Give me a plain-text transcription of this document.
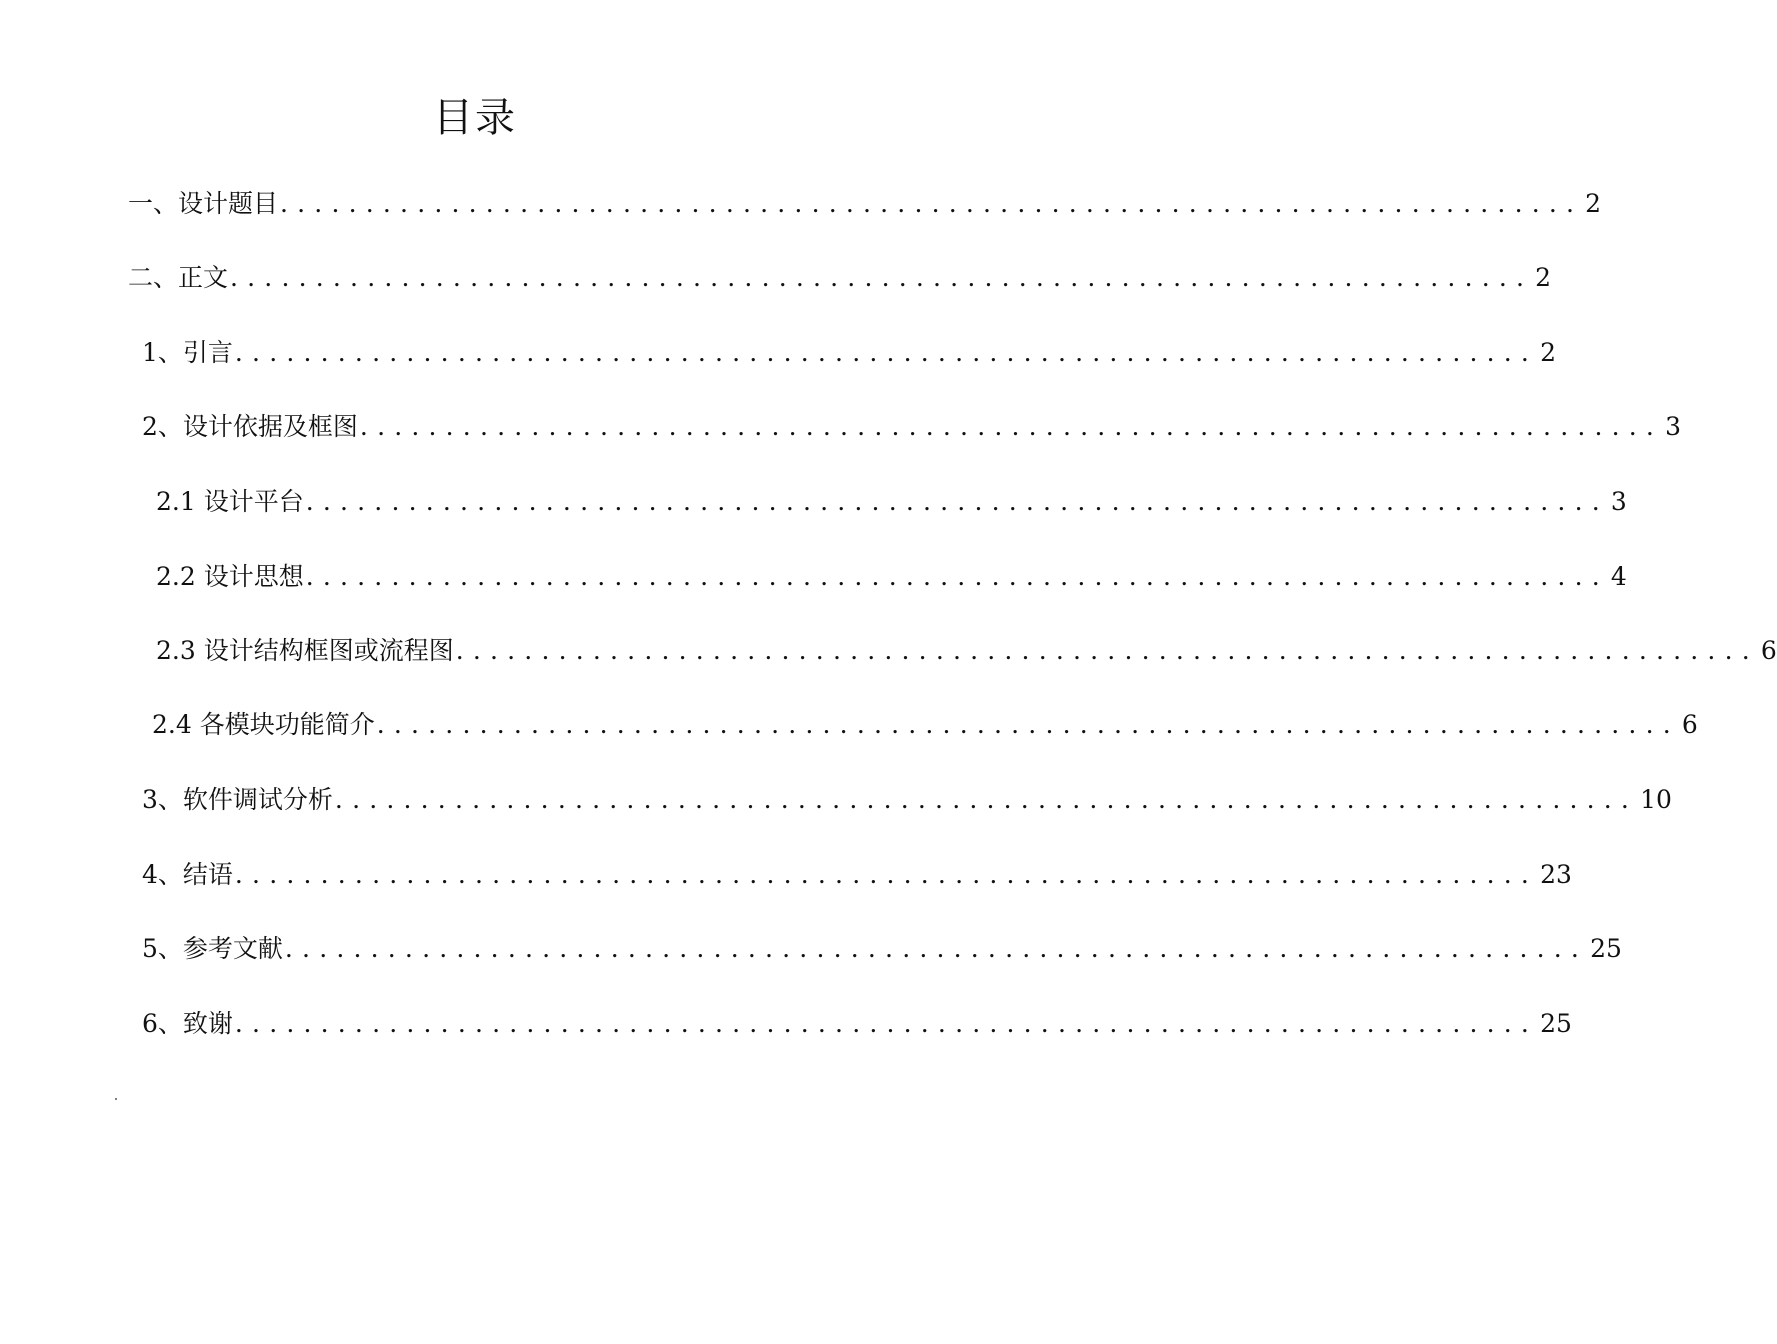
目录
一、设计题目 ............................................................................ 2
二、正文 ............................................................................ 2
1、引言 ............................................................................ 2
2、设计依据及框图 ............................................................................ 3
2.1 设计平台 ............................................................................ 3
2.2 设计思想 ............................................................................ 4
2.3 设计结构框图或流程图 ............................................................................ 6
2.4 各模块功能简介 ............................................................................ 6
3、软件调试分析 ............................................................................ 10
4、结语 ............................................................................ 23
5、参考文献 ............................................................................ 25
6、致谢 ............................................................................ 25
